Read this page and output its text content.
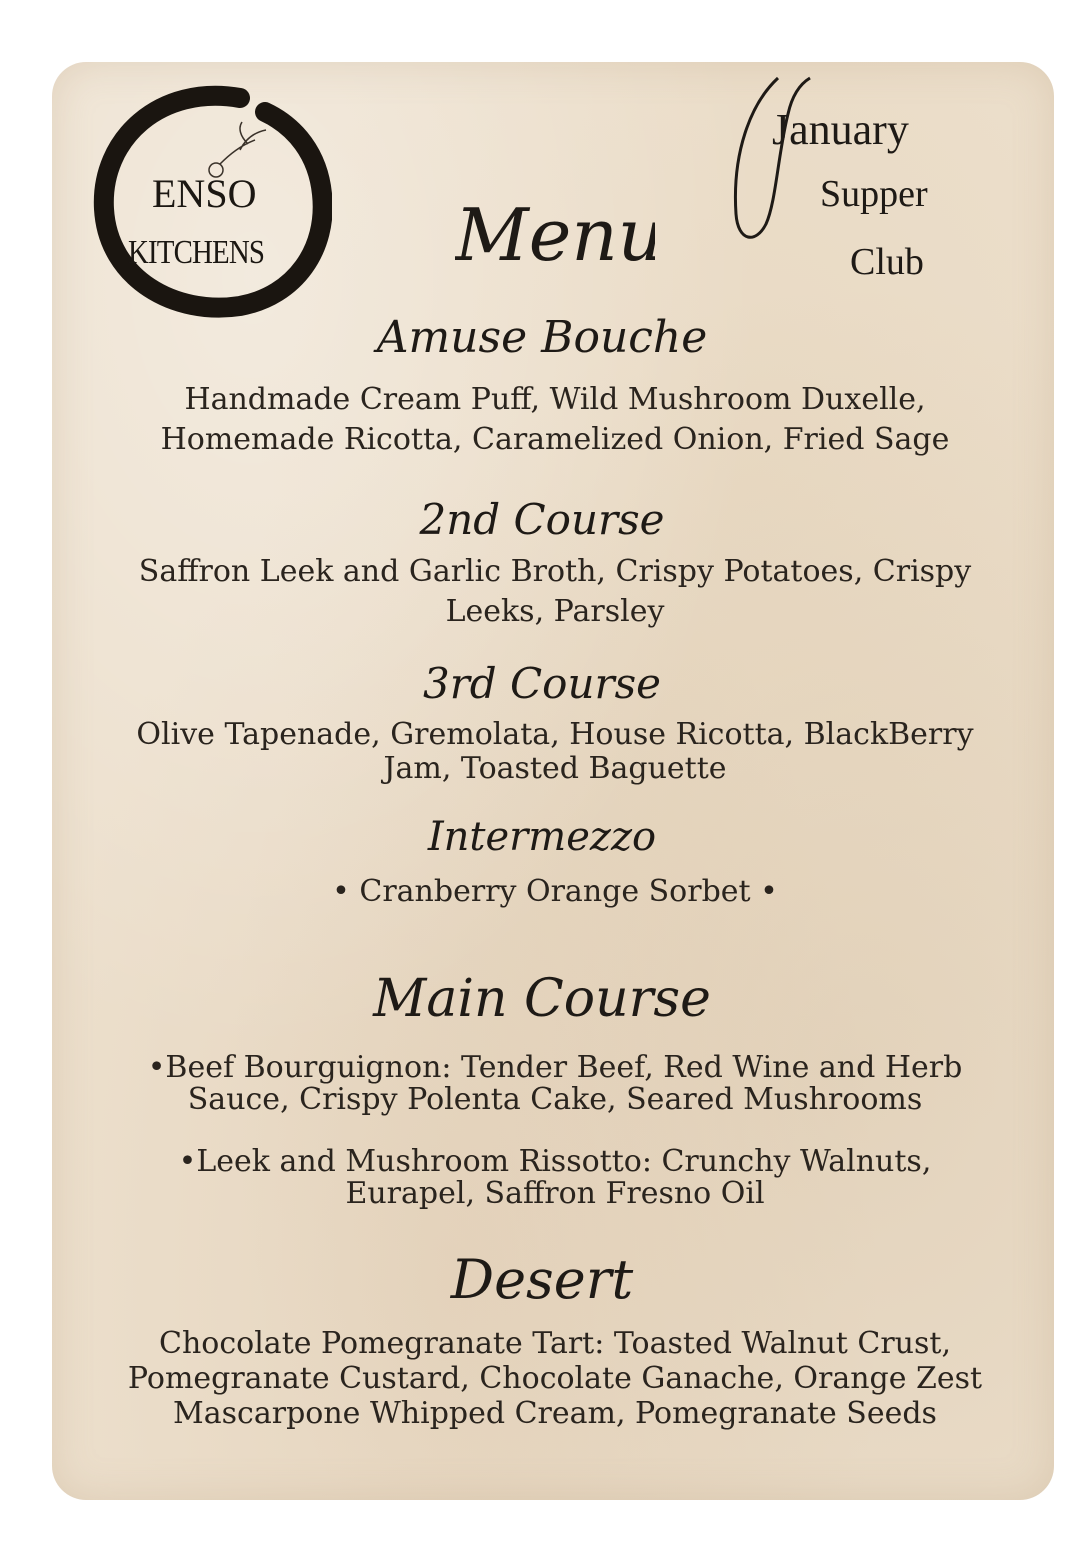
ENSO
KITCHENS	Menu
January
Supper
Club
Amuse Bouche
Handmade Cream Puff, Wild Mushroom Duxelle,
Homemade Ricotta, Caramelized Onion, Fried Sage
2nd Course
Saffron Leek and Garlic Broth, Crispy Potatoes, Crispy
Leeks, Parsley
3rd Course
Olive Tapenade, Gremolata, House Ricotta, BlackBerry
Jam, Toasted Baguette
Intermezzo
• Cranberry Orange Sorbet •
Main Course
•Beef Bourguignon: Tender Beef, Red Wine and Herb
Sauce, Crispy Polenta Cake, Seared Mushrooms
•Leek and Mushroom Rissotto: Crunchy Walnuts,
Eurapel, Saffron Fresno Oil
Desert
Chocolate Pomegranate Tart: Toasted Walnut Crust,
Pomegranate Custard, Chocolate Ganache, Orange Zest
Mascarpone Whipped Cream, Pomegranate Seeds
